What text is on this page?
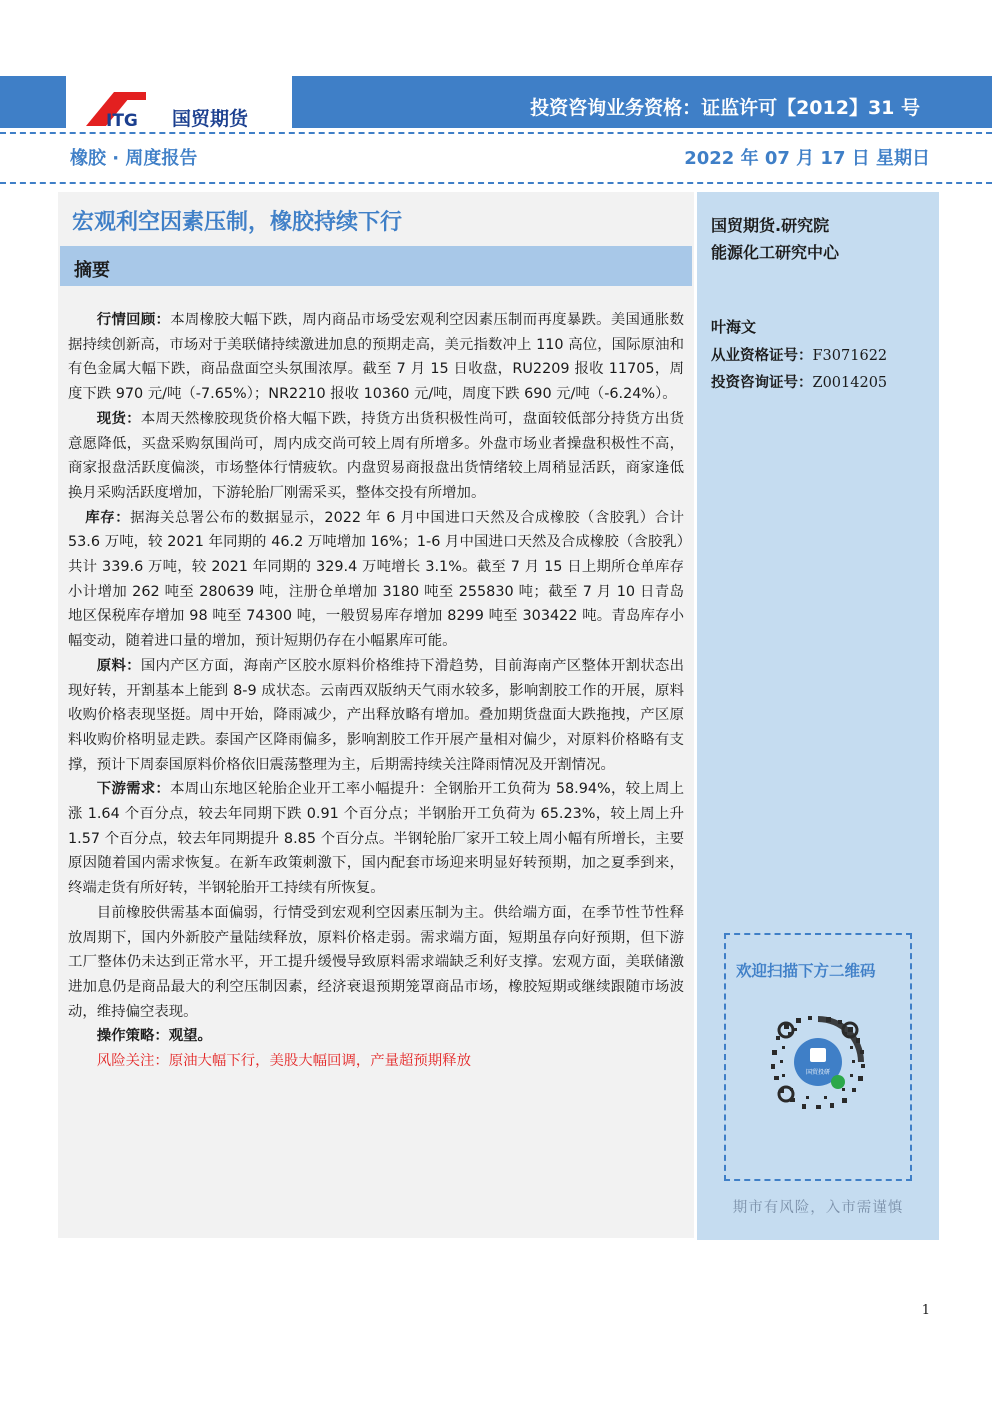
ITG 国贸期货	投资咨询业务资格：证监许可【2012】31 号
橡胶 · 周度报告	2022 年 07 月 17 日 星期日
宏观利空因素压制，橡胶持续下行
摘要

行情回顾：本周橡胶大幅下跌，周内商品市场受宏观利空因素压制而再度暴跌。美国通胀数据持续创新高，市场对于美联储持续激进加息的预期走高，美元指数冲上 110 高位，国际原油和有色金属大幅下跌，商品盘面空头氛围浓厚。截至 7 月 15 日收盘，RU2209 报收 11705，周度下跌 970 元/吨（-7.65%）；NR2210 报收 10360 元/吨，周度下跌 690 元/吨（-6.24%）。

现货：本周天然橡胶现货价格大幅下跌，持货方出货积极性尚可，盘面较低部分持货方出货意愿降低，买盘采购氛围尚可，周内成交尚可较上周有所增多。外盘市场业者操盘积极性不高，商家报盘活跃度偏淡，市场整体行情疲软。内盘贸易商报盘出货情绪较上周稍显活跃，商家逢低换月采购活跃度增加，下游轮胎厂刚需采买，整体交投有所增加。

库存：据海关总署公布的数据显示，2022 年 6 月中国进口天然及合成橡胶（含胶乳）合计 53.6 万吨，较 2021 年同期的 46.2 万吨增加 16%；1-6 月中国进口天然及合成橡胶（含胶乳）共计 339.6 万吨，较 2021 年同期的 329.4 万吨增长 3.1%。截至 7 月 15 日上期所仓单库存小计增加 262 吨至 280639 吨，注册仓单增加 3180 吨至 255830 吨；截至 7 月 10 日青岛地区保税库存增加 98 吨至 74300 吨，一般贸易库存增加 8299 吨至 303422 吨。青岛库存小幅变动，随着进口量的增加，预计短期仍存在小幅累库可能。

原料：国内产区方面，海南产区胶水原料价格维持下滑趋势，目前海南产区整体开割状态出现好转，开割基本上能到 8-9 成状态。云南西双版纳天气雨水较多，影响割胶工作的开展，原料收购价格表现坚挺。周中开始，降雨减少，产出释放略有增加。叠加期货盘面大跌拖拽，产区原料收购价格明显走跌。泰国产区降雨偏多，影响割胶工作开展产量相对偏少，对原料价格略有支撑，预计下周泰国原料价格依旧震荡整理为主，后期需持续关注降雨情况及开割情况。

下游需求：本周山东地区轮胎企业开工率小幅提升：全钢胎开工负荷为 58.94%，较上周上涨 1.64 个百分点，较去年同期下跌 0.91 个百分点；半钢胎开工负荷为 65.23%，较上周上升 1.57 个百分点，较去年同期提升 8.85 个百分点。半钢轮胎厂家开工较上周小幅有所增长，主要原因随着国内需求恢复。在新车政策刺激下，国内配套市场迎来明显好转预期，加之夏季到来，终端走货有所好转，半钢轮胎开工持续有所恢复。

目前橡胶供需基本面偏弱，行情受到宏观利空因素压制为主。供给端方面，在季节性节性释放周期下，国内外新胶产量陆续释放，原料价格走弱。需求端方面，短期虽存向好预期，但下游工厂整体仍未达到正常水平，开工提升缓慢导致原料需求端缺乏利好支撑。宏观方面，美联储激进加息仍是商品最大的利空压制因素，经济衰退预期笼罩商品市场，橡胶短期或继续跟随市场波动，维持偏空表现。

操作策略：观望。

风险关注：原油大幅下行，美股大幅回调，产量超预期释放

国贸期货.研究院
能源化工研究中心
叶海文
从业资格证号：F3071622
投资咨询证号：Z0014205
欢迎扫描下方二维码
国贸投研
期市有风险，入市需谨慎
1
